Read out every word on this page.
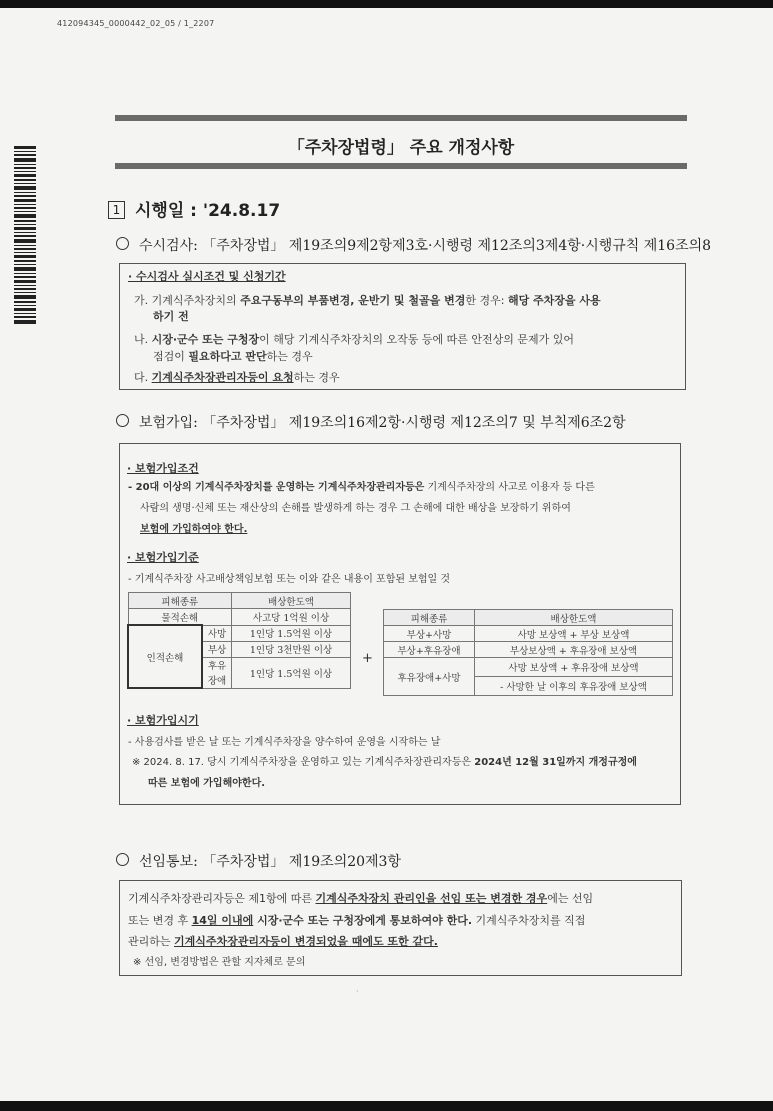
412094345_0000442_02_05 / 1_2207
「주차장법령」 주요 개정사항
1 시행일 : '24.8.17
수시검사: 「주차장법」 제19조의9제2항제3호·시행령 제12조의3제4항·시행규칙 제16조의8
· 수시검사 실시조건 및 신청기간
가. 기계식주차장치의 주요구동부의 부품변경, 운반기 및 철골을 변경한 경우: 해당 주차장을 사용
하기 전
나. 시장·군수 또는 구청장이 해당 기계식주차장치의 오작동 등에 따른 안전상의 문제가 있어
점검이 필요하다고 판단하는 경우
다. 기계식주차장관리자등이 요청하는 경우
보험가입: 「주차장법」 제19조의16제2항·시행령 제12조의7 및 부칙제6조2항
· 보험가입조건
- 20대 이상의 기계식주차장치를 운영하는 기계식주차장관리자등은 기계식주차장의 사고로 이용자 등 다른
사람의 생명·신체 또는 재산상의 손해를 발생하게 하는 경우 그 손해에 대한 배상을 보장하기 위하여
보험에 가입하여야 한다.
· 보험가입기준
- 기계식주차장 사고배상책임보험 또는 이와 같은 내용이 포함된 보험일 것
피해종류		배상한도액
물적손해		사고당 1억원 이상
인적손해	사망	1인당 1.5억원 이상
	부상	1인당 3천만원 이상
	후유	1인당 1.5억원 이상
	장애	
+
피해종류	배상한도액
부상+사망	사망 보상액 + 부상 보상액
부상+후유장애	부상보상액 + 후유장애 보상액
후유장애+사망	사망 보상액 + 후유장애 보상액
	- 사망한 날 이후의 후유장애 보상액
· 보험가입시기
- 사용검사를 받은 날 또는 기계식주차장을 양수하여 운영을 시작하는 날
※ 2024. 8. 17. 당시 기계식주차장을 운영하고 있는 기계식주차장관리자등은 2024년 12월 31일까지 개정규정에
따른 보험에 가입해야한다.
선임통보: 「주차장법」 제19조의20제3항
기계식주차장관리자등은 제1항에 따른 기계식주차장치 관리인을 선임 또는 변경한 경우에는 선임
또는 변경 후 14일 이내에 시장·군수 또는 구청장에게 통보하여야 한다. 기계식주차장치를 직접
관리하는 기계식주차장관리자등이 변경되었을 때에도 또한 같다.
※ 선임, 변경방법은 관할 지자체로 문의
·
